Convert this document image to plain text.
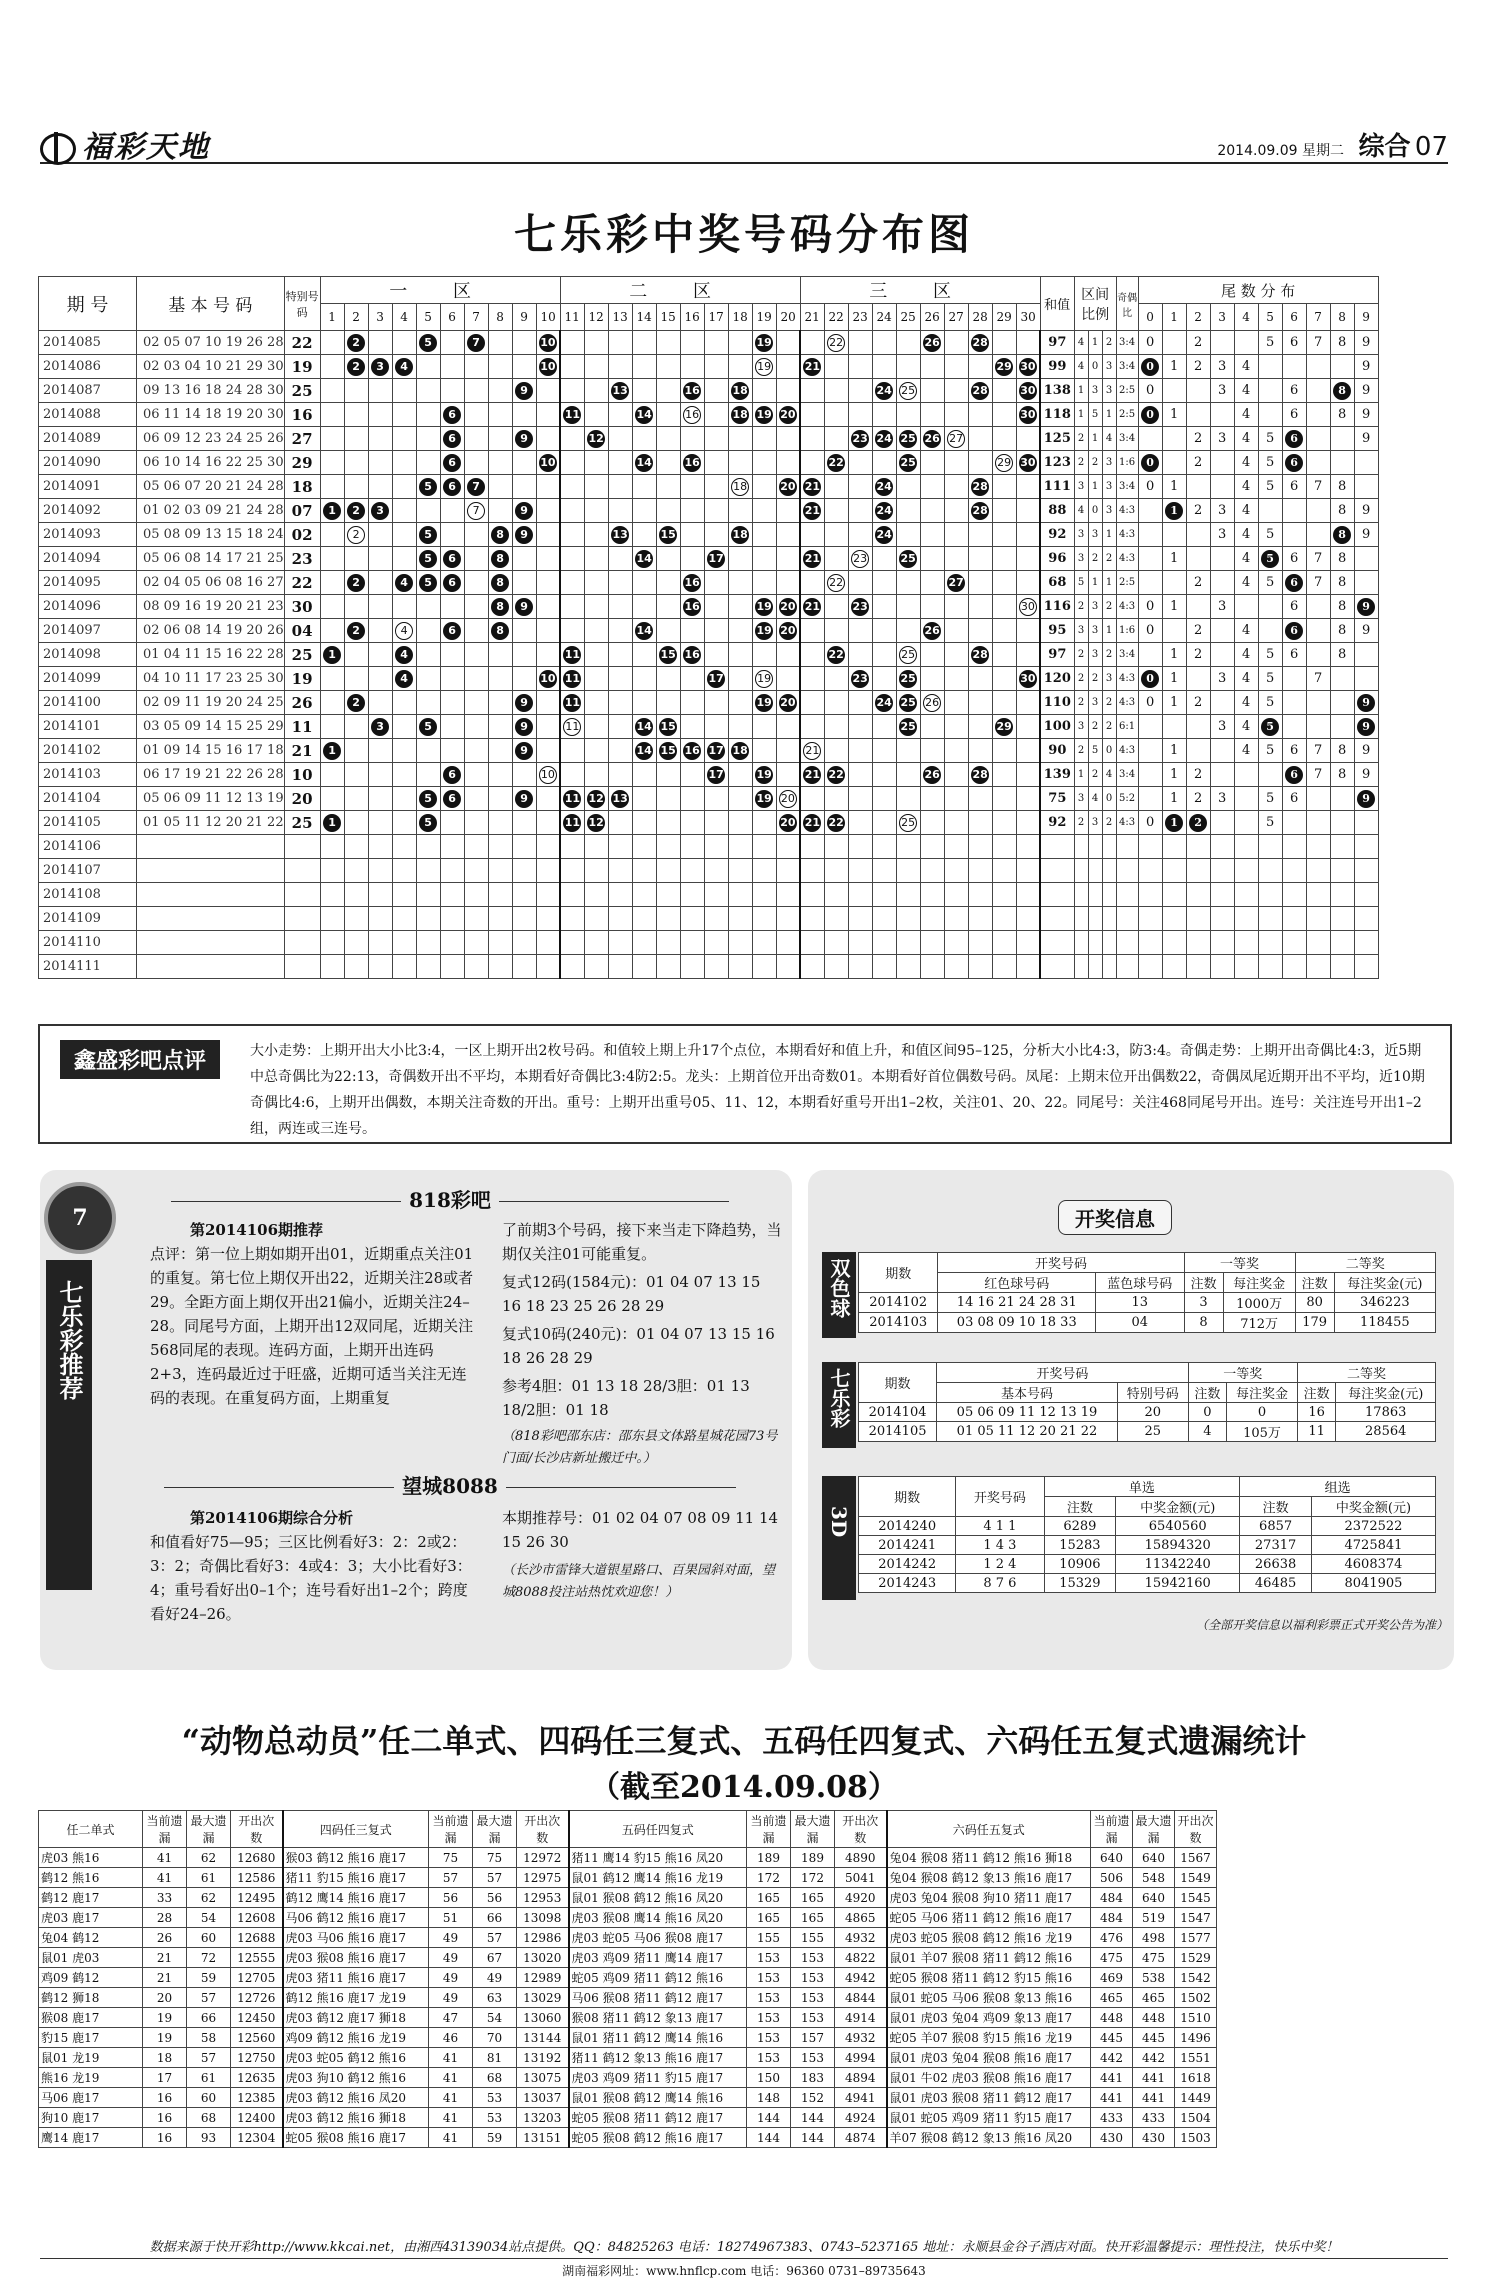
福彩天地	2014.09.09 星期二 综合 07
七乐彩中奖号码分布图
期 号	基 本 号 码	特别号码	一 区										二 区										三 区										和值	区间比例			奇偶比	尾 数 分 布									
			1	2	3	4	5	6	7	8	9	10	11	12	13	14	15	16	17	18	19	20	21	22	23	24	25	26	27	28	29	30						0	1	2	3	4	5	6	7	8	9
2014085	02 05 07 10 19 26 28	22		2			5		7			10									19			22				26		28			97	4	1	2	3:4	0		2			5	6	7	8	9
2014086	02 03 04 10 21 29 30	19		2	3	4						10									19		21								29	30	99	4	0	3	3:4	0	1	2	3	4					9
2014087	09 13 16 18 24 28 30	25									9				13			16		18						24	25			28		30	138	1	3	3	2:5	0			3	4		6		8	9
2014088	06 11 14 18 19 20 30	16						6					11			14		16		18	19	20										30	118	1	5	1	2:5	0	1			4		6		8	9
2014089	06 09 12 23 24 25 26	27						6			9			12											23	24	25	26	27				125	2	1	4	3:4			2	3	4	5	6			9
2014090	06 10 14 16 22 25 30	29						6				10				14		16						22			25				29	30	123	2	2	3	1:6	0		2		4	5	6			
2014091	05 06 07 20 21 24 28	18					5	6	7											18		20	21			24				28			111	3	1	3	3:4	0	1			4	5	6	7	8	
2014092	01 02 03 09 21 24 28	07	1	2	3				7		9												21			24				28			88	4	0	3	4:3		1	2	3	4				8	9
2014093	05 08 09 13 15 18 24	02		2			5			8	9				13		15			18						24							92	3	3	1	4:3				3	4	5			8	9
2014094	05 06 08 14 17 21 25	23					5	6		8						14			17				21		23		25						96	3	2	2	4:3		1			4	5	6	7	8	
2014095	02 04 05 06 08 16 27	22		2		4	5	6		8								16						22					27				68	5	1	1	2:5			2		4	5	6	7	8	
2014096	08 09 16 19 20 21 23	30								8	9							16			19	20	21		23							30	116	2	3	2	4:3	0	1		3			6		8	9
2014097	02 06 08 14 19 20 26	04		2		4		6		8						14					19	20						26					95	3	3	1	1:6	0		2		4		6		8	9
2014098	01 04 11 15 16 22 28	25	1			4							11				15	16						22			25			28			97	2	3	2	3:4		1	2		4	5	6		8	
2014099	04 10 11 17 23 25 30	19				4						10	11						17		19				23		25					30	120	2	2	3	4:3	0	1		3	4	5		7		
2014100	02 09 11 19 20 24 25	26		2							9		11								19	20				24	25	26					110	2	3	2	4:3	0	1	2		4	5				9
2014101	03 05 09 14 15 25 29	11			3		5				9		11			14	15										25				29		100	3	2	2	6:1				3	4	5				9
2014102	01 09 14 15 16 17 18	21	1								9					14	15	16	17	18			21										90	2	5	0	4:3		1			4	5	6	7	8	9
2014103	06 17 19 21 22 26 28	10						6				10							17		19		21	22				26		28			139	1	2	4	3:4		1	2				6	7	8	9
2014104	05 06 09 11 12 13 19	20					5	6			9		11	12	13						19	20											75	3	4	0	5:2		1	2	3		5	6			9
2014105	01 05 11 12 20 21 22	25	1				5						11	12								20	21	22			25						92	2	3	2	4:3	0	1	2			5				
2014106																																															
2014107																																															
2014108																																															
2014109																																															
2014110																																															
2014111																																															
鑫盛彩吧点评	大小走势：上期开出大小比3:4，一区上期开出2枚号码。和值较上期上升17个点位，本期看好和值上升，和值区间95–125，分析大小比4:3，防3:4。奇偶走势：上期开出奇偶比4:3，近5期中总奇偶比为22:13，奇偶数开出不平均，本期看好奇偶比3:4防2:5。龙头：上期首位开出奇数01。本期看好首位偶数号码。凤尾：上期末位开出偶数22，奇偶凤尾近期开出不平均，近10期奇偶比4:6，上期开出偶数，本期关注奇数的开出。重号：上期开出重号05、11、12，本期看好重号开出1–2枚，关注01、20、22。同尾号：关注468同尾号开出。连号：关注连号开出1–2组，两连或三连号。
7
七乐彩推荐
818彩吧
第2014106期推荐
点评：第一位上期如期开出01，近期重点关注01的重复。第七位上期仅开出22，近期关注28或者29。全距方面上期仅开出21偏小，近期关注24–28。同尾号方面，上期开出12双同尾，近期关注568同尾的表现。连码方面，上期开出连码2+3，连码最近过于旺盛，近期可适当关注无连码的表现。在重复码方面，上期重复
了前期3个号码，接下来当走下降趋势，当期仅关注01可能重复。
复式12码(1584元)：01 04 07 13 15 16 18 23 25 26 28 29
复式10码(240元)：01 04 07 13 15 16 18 26 28 29
参考4胆：01 13 18 28/3胆：01 13 18/2胆：01 18
（818彩吧邵东店：邵东县文体路星城花园73号门面/长沙店新址搬迁中。）
望城8088
第2014106期综合分析
和值看好75—95；三区比例看好3：2：2或2：3：2；奇偶比看好3：4或4：3；大小比看好3：4；重号看好出0–1个；连号看好出1–2个；跨度看好24–26。
本期推荐号：01 02 04 07 08 09 11 14 15 26 30
（长沙市雷锋大道银星路口、百果园斜对面，望城8088投注站热忱欢迎您！）
开奖信息
双色球	期数	开奖号码		一等奖		二等奖	
	红色球号码	蓝色球号码	注数	每注奖金	注数	每注奖金(元)
2014102	14 16 21 24 28 31	13	3	1000万	80	346223
2014103	03 08 09 10 18 33	04	8	712万	179	118455
七乐彩	期数	开奖号码		一等奖		二等奖	
	基本号码	特别号码	注数	每注奖金	注数	每注奖金(元)
2014104	05 06 09 11 12 13 19	20	0	0	16	17863
2014105	01 05 11 12 20 21 22	25	4	105万	11	28564
3D
期数	开奖号码	单选		组选	
		注数	中奖金额(元)	注数	中奖金额(元)
2014240	4 1 1	6289	6540560	6857	2372522
2014241	1 4 3	15283	15894320	27317	4725841
2014242	1 2 4	10906	11342240	26638	4608374
2014243	8 7 6	15329	15942160	46485	8041905
（全部开奖信息以福利彩票正式开奖公告为准）
“动物总动员”任二单式、四码任三复式、五码任四复式、六码任五复式遗漏统计
（截至2014.09.08）
任二单式	当前遗漏	最大遗漏	开出次数	四码任三复式	当前遗漏	最大遗漏	开出次数	五码任四复式	当前遗漏	最大遗漏	开出次数	六码任五复式	当前遗漏	最大遗漏	开出次数
虎03 熊16	41	62	12680	猴03 鹤12 熊16 鹿17	75	75	12972	猪11 鹰14 豹15 熊16 凤20	189	189	4890	兔04 猴08 猪11 鹤12 熊16 狮18	640	640	1567
鹤12 熊16	41	61	12586	猪11 豹15 熊16 鹿17	57	57	12975	鼠01 鹤12 鹰14 熊16 龙19	172	172	5041	兔04 猴08 鹤12 象13 熊16 鹿17	506	548	1549
鹤12 鹿17	33	62	12495	鹤12 鹰14 熊16 鹿17	56	56	12953	鼠01 猴08 鹤12 熊16 凤20	165	165	4920	虎03 兔04 猴08 狗10 猪11 鹿17	484	640	1545
虎03 鹿17	28	54	12608	马06 鹤12 熊16 鹿17	51	66	13098	虎03 猴08 鹰14 熊16 凤20	165	165	4865	蛇05 马06 猪11 鹤12 熊16 鹿17	484	519	1547
兔04 鹤12	26	60	12688	虎03 马06 熊16 鹿17	49	57	12986	虎03 蛇05 马06 猴08 鹿17	155	155	4932	虎03 蛇05 猴08 鹤12 熊16 龙19	476	498	1577
鼠01 虎03	21	72	12555	虎03 猴08 熊16 鹿17	49	67	13020	虎03 鸡09 猪11 鹰14 鹿17	153	153	4822	鼠01 羊07 猴08 猪11 鹤12 熊16	475	475	1529
鸡09 鹤12	21	59	12705	虎03 猪11 熊16 鹿17	49	49	12989	蛇05 鸡09 猪11 鹤12 熊16	153	153	4942	蛇05 猴08 猪11 鹤12 豹15 熊16	469	538	1542
鹤12 狮18	20	57	12726	鹤12 熊16 鹿17 龙19	49	63	13029	马06 猴08 猪11 鹤12 鹿17	153	153	4844	鼠01 蛇05 马06 猴08 象13 熊16	465	465	1502
猴08 鹿17	19	66	12450	虎03 鹤12 鹿17 狮18	47	54	13060	猴08 猪11 鹤12 象13 鹿17	153	153	4914	鼠01 虎03 兔04 鸡09 象13 鹿17	448	448	1510
豹15 鹿17	19	58	12560	鸡09 鹤12 熊16 龙19	46	70	13144	鼠01 猪11 鹤12 鹰14 熊16	153	157	4932	蛇05 羊07 猴08 豹15 熊16 龙19	445	445	1496
鼠01 龙19	18	57	12750	虎03 蛇05 鹤12 熊16	41	81	13192	猪11 鹤12 象13 熊16 鹿17	153	153	4994	鼠01 虎03 兔04 猴08 熊16 鹿17	442	442	1551
熊16 龙19	17	61	12635	虎03 狗10 鹤12 熊16	41	68	13075	虎03 鸡09 猪11 豹15 鹿17	150	183	4894	鼠01 牛02 虎03 猴08 熊16 鹿17	441	441	1618
马06 鹿17	16	60	12385	虎03 鹤12 熊16 凤20	41	53	13037	鼠01 猴08 鹤12 鹰14 熊16	148	152	4941	鼠01 虎03 猴08 猪11 鹤12 鹿17	441	441	1449
狗10 鹿17	16	68	12400	虎03 鹤12 熊16 狮18	41	53	13203	蛇05 猴08 猪11 鹤12 鹿17	144	144	4924	鼠01 蛇05 鸡09 猪11 豹15 鹿17	433	433	1504
鹰14 鹿17	16	93	12304	蛇05 猴08 熊16 鹿17	41	59	13151	蛇05 猴08 鹤12 熊16 鹿17	144	144	4874	羊07 猴08 鹤12 象13 熊16 凤20	430	430	1503
数据来源于快开彩http://www.kkcai.net，由湘西43139034站点提供。QQ：84825263 电话：18274967383、0743–5237165 地址：永顺县金谷子酒店对面。快开彩温馨提示：理性投注，快乐中奖！
湖南福彩网址：www.hnflcp.com 电话：96360 0731–89735643
